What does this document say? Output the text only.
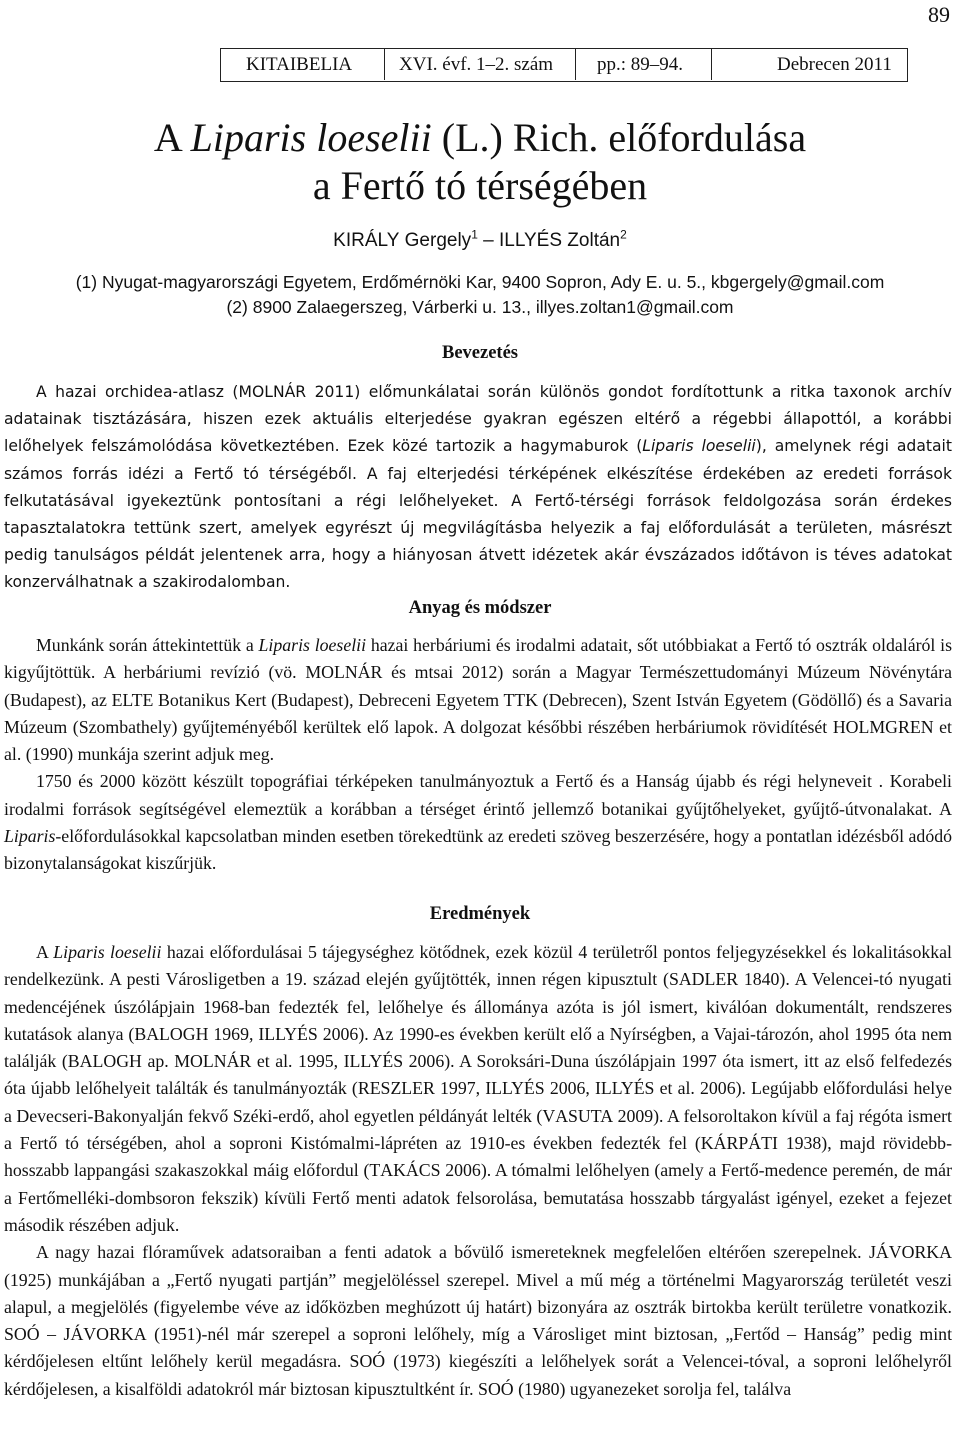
89
KITAIBELIA XVI. évf. 1–2. szám pp.: 89–94.	Debrecen 2011
A Liparis loeselii (L.) Rich. előfordulása
a Fertő tó térségében
KIRÁLY Gergely$^1$ – ILLYÉS Zoltán$^2$
(1) Nyugat-magyarországi Egyetem, Erdőmérnöki Kar, 9400 Sopron, Ady E. u. 5., kbgergely@gmail.com
(2) 8900 Zalaegerszeg, Várberki u. 13., illyes.zoltan1@gmail.com
Bevezetés

A hazai orchidea-atlasz (MOLNÁR 2011) előmunkálatai során különös gondot fordítottunk a ritka taxonok archív adatainak tisztázására, hiszen ezek aktuális elterjedése gyakran egészen eltérő a régebbi állapottól, a korábbi lelőhelyek felszámolódása következtében. Ezek közé tartozik a hagymaburok (Liparis loeselii), amelynek régi adatait számos forrás idézi a Fertő tó térségéből. A faj elterjedési térképének elkészítése érdekében az eredeti források felkutatásával igyekeztünk pontosítani a régi lelőhelyeket. A Fertő-térségi források feldolgozása során érdekes tapasztalatokra tettünk szert, amelyek egyrészt új megvilágításba helyezik a faj előfordulását a területen, másrészt pedig tanulságos példát jelentenek arra, hogy a hiányosan átvett idézetek akár évszázados időtávon is téves adatokat konzerválhatnak a szakirodalomban.

Anyag és módszer

Munkánk során áttekintettük a Liparis loeselii hazai herbáriumi és irodalmi adatait, sőt utóbbiakat a Fertő tó osztrák oldaláról is kigyűjtöttük. A herbáriumi revízió (vö. MOLNÁR és mtsai 2012) során a Magyar Természettudományi Múzeum Növénytára (Budapest), az ELTE Botanikus Kert (Budapest), Debreceni Egyetem TTK (Debrecen), Szent István Egyetem (Gödöllő) és a Savaria Múzeum (Szombathely) gyűjteményéből kerültek elő lapok. A dolgozat későbbi részében herbáriumok rövidítését HOLMGREN et al. (1990) munkája szerint adjuk meg.

1750 és 2000 között készült topográfiai térképeken tanulmányoztuk a Fertő és a Hanság újabb és régi helyneveit . Korabeli irodalmi források segítségével elemeztük a korábban a térséget érintő jellemző botanikai gyűjtőhelyeket, gyűjtő-útvonalakat. A Liparis-előfordulásokkal kapcsolatban minden esetben törekedtünk az eredeti szöveg beszerzésére, hogy a pontatlan idézésből adódó bizonytalanságokat kiszűrjük.

Eredmények

A Liparis loeselii hazai előfordulásai 5 tájegységhez kötődnek, ezek közül 4 területről pontos feljegyzésekkel és lokalitásokkal rendelkezünk. A pesti Városligetben a 19. század elején gyűjtötték, innen régen kipusztult (SADLER 1840). A Velencei-tó nyugati medencéjének úszólápjain 1968-ban fedezték fel, lelőhelye és állománya azóta is jól ismert, kiválóan dokumentált, rendszeres kutatások alanya (BALOGH 1969, ILLYÉS 2006). Az 1990-es években került elő a Nyírségben, a Vajai-tározón, ahol 1995 óta nem találják (BALOGH ap. MOLNÁR et al. 1995, ILLYÉS 2006). A Soroksári-Duna úszólápjain 1997 óta ismert, itt az első felfedezés óta újabb lelőhelyeit találták és tanulmányozták (RESZLER 1997, ILLYÉS 2006, ILLYÉS et al. 2006). Legújabb előfordulási helye a Devecseri-Bakonyalján fekvő Széki-erdő, ahol egyetlen példányát lelték (VASUTA 2009). A felsoroltakon kívül a faj régóta ismert a Fertő tó térségében, ahol a soproni Kistómalmi-lápréten az 1910-es években fedezték fel (KÁRPÁTI 1938), majd rövidebb-hosszabb lappangási szakaszokkal máig előfordul (TAKÁCS 2006). A tómalmi lelőhelyen (amely a Fertő-medence peremén, de már a Fertőmelléki-dombsoron fekszik) kívüli Fertő menti adatok felsorolása, bemutatása hosszabb tárgyalást igényel, ezeket a fejezet második részében adjuk.

A nagy hazai flóraművek adatsoraiban a fenti adatok a bővülő ismereteknek megfelelően eltérően szerepelnek. JÁVORKA (1925) munkájában a „Fertő nyugati partján” megjelöléssel szerepel. Mivel a mű még a történelmi Magyarország területét veszi alapul, a megjelölés (figyelembe véve az időközben meghúzott új határt) bizonyára az osztrák birtokba került területre vonatkozik. SOÓ – JÁVORKA (1951)-nél már szerepel a soproni lelőhely, míg a Városliget mint biztosan, „Fertőd – Hanság” pedig mint kérdőjelesen eltűnt lelőhely kerül megadásra. SOÓ (1973) kiegészíti a lelőhelyek sorát a Velencei-tóval, a soproni lelőhelyről kérdőjelesen, a kisalföldi adatokról már biztosan kipusztultként ír. SOÓ (1980) ugyanezeket sorolja fel, találva
